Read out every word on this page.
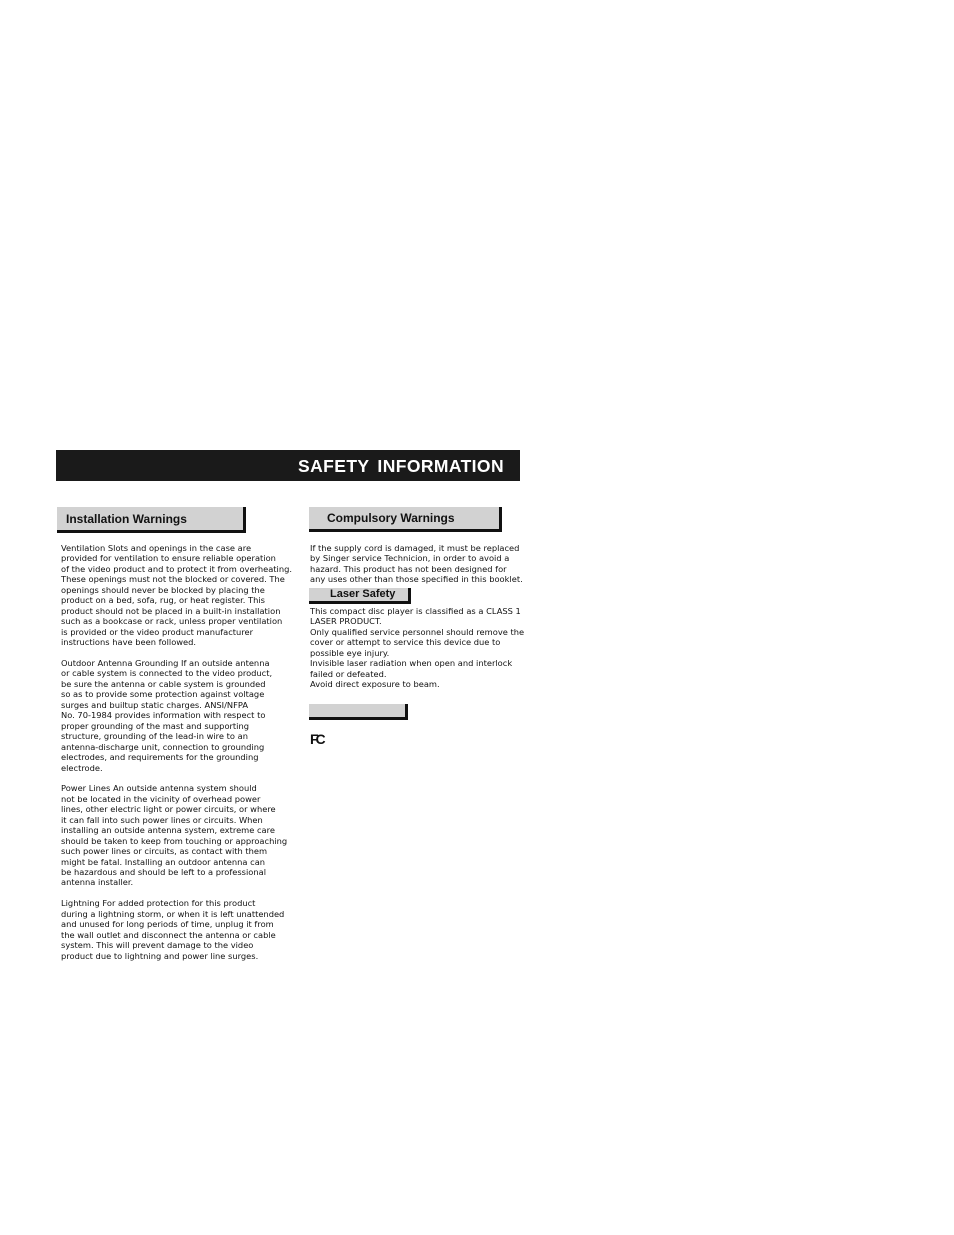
SAFETY INFORMATION
Installation Warnings

Ventilation Slots and openings in the case are
provided for ventilation to ensure reliable operation
of the video product and to protect it from overheating.
These openings must not the blocked or covered. The
openings should never be blocked by placing the
product on a bed, sofa, rug, or heat register. This
product should not be placed in a built-in installation
such as a bookcase or rack, unless proper ventilation
is provided or the video product manufacturer
instructions have been followed.

Outdoor Antenna Grounding If an outside antenna
or cable system is connected to the video product,
be sure the antenna or cable system is grounded
so as to provide some protection against voltage
surges and builtup static charges. ANSI/NFPA
No. 70-1984 provides information with respect to
proper grounding of the mast and supporting
structure, grounding of the lead-in wire to an
antenna-discharge unit, connection to grounding
electrodes, and requirements for the grounding
electrode.

Power Lines An outside antenna system should
not be located in the vicinity of overhead power
lines, other electric light or power circuits, or where
it can fall into such power lines or circuits. When
installing an outside antenna system, extreme care
should be taken to keep from touching or approaching
such power lines or circuits, as contact with them
might be fatal. Installing an outdoor antenna can
be hazardous and should be left to a professional
antenna installer.

Lightning For added protection for this product
during a lightning storm, or when it is left unattended
and unused for long periods of time, unplug it from
the wall outlet and disconnect the antenna or cable
system. This will prevent damage to the video
product due to lightning and power line surges.

Compulsory Warnings
If the supply cord is damaged, it must be replaced
by Singer service Technicion, in order to avoid a
hazard. This product has not been designed for
any uses other than those specified in this booklet.
Laser Safety
This compact disc player is classified as a CLASS 1
LASER PRODUCT.
Only qualified service personnel should remove the
cover or attempt to service this device due to
possible eye injury.
Invisible laser radiation when open and interlock
failed or defeated.
Avoid direct exposure to beam.
FC
